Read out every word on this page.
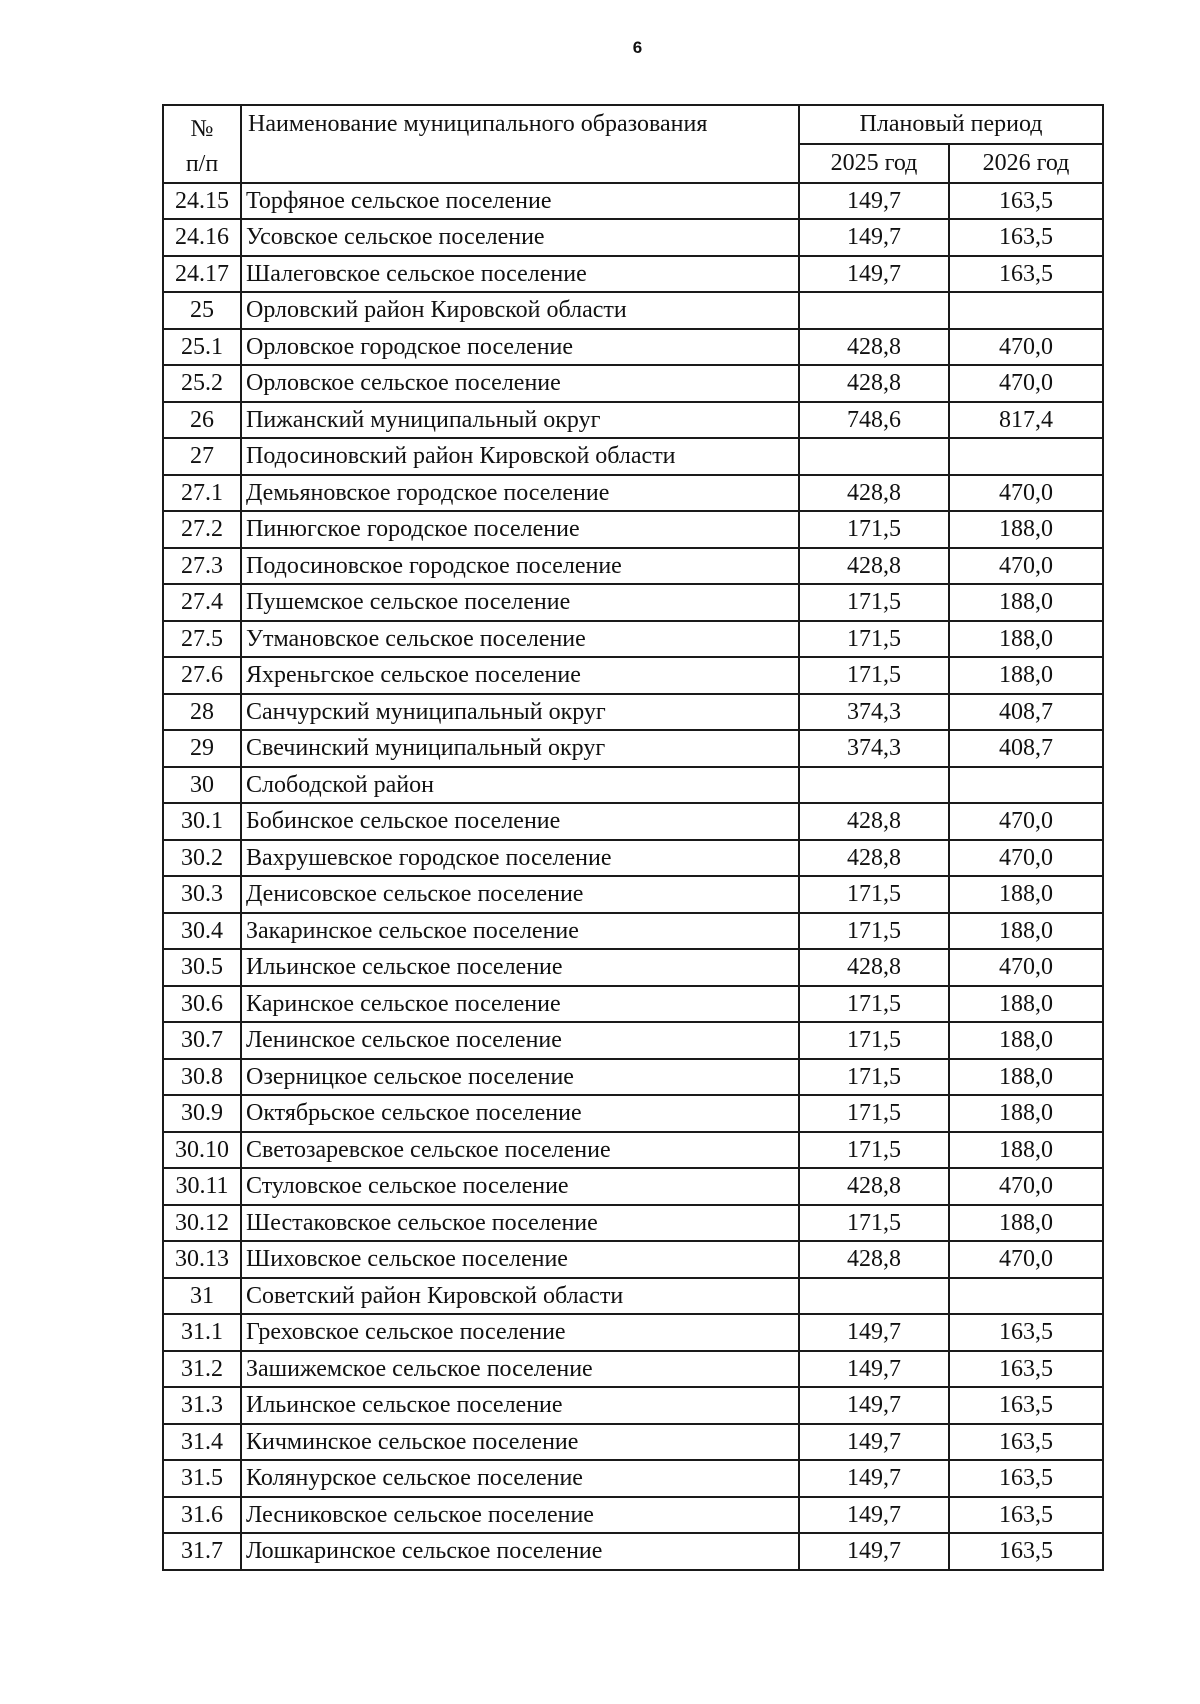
6
№
п/п	Наименование муниципального образования	Плановый период	
		2025 год	2026 год
24.15	Торфяное сельское поселение	149,7	163,5
24.16	Усовское сельское поселение	149,7	163,5
24.17	Шалеговское сельское поселение	149,7	163,5
25	Орловский район Кировской области		
25.1	Орловское городское поселение	428,8	470,0
25.2	Орловское сельское поселение	428,8	470,0
26	Пижанский муниципальный округ	748,6	817,4
27	Подосиновский район Кировской области		
27.1	Демьяновское городское поселение	428,8	470,0
27.2	Пинюгское городское поселение	171,5	188,0
27.3	Подосиновское городское поселение	428,8	470,0
27.4	Пушемское сельское поселение	171,5	188,0
27.5	Утмановское сельское поселение	171,5	188,0
27.6	Яхреньгское сельское поселение	171,5	188,0
28	Санчурский муниципальный округ	374,3	408,7
29	Свечинский муниципальный округ	374,3	408,7
30	Слободской район		
30.1	Бобинское сельское поселение	428,8	470,0
30.2	Вахрушевское городское поселение	428,8	470,0
30.3	Денисовское сельское поселение	171,5	188,0
30.4	Закаринское сельское поселение	171,5	188,0
30.5	Ильинское сельское поселение	428,8	470,0
30.6	Каринское сельское поселение	171,5	188,0
30.7	Ленинское сельское поселение	171,5	188,0
30.8	Озерницкое сельское поселение	171,5	188,0
30.9	Октябрьское сельское поселение	171,5	188,0
30.10	Светозаревское сельское поселение	171,5	188,0
30.11	Стуловское сельское поселение	428,8	470,0
30.12	Шестаковское сельское поселение	171,5	188,0
30.13	Шиховское сельское поселение	428,8	470,0
31	Советский район Кировской области		
31.1	Греховское сельское поселение	149,7	163,5
31.2	Зашижемское сельское поселение	149,7	163,5
31.3	Ильинское сельское поселение	149,7	163,5
31.4	Кичминское сельское поселение	149,7	163,5
31.5	Колянурское сельское поселение	149,7	163,5
31.6	Лесниковское сельское поселение	149,7	163,5
31.7	Лошкаринское сельское поселение	149,7	163,5
